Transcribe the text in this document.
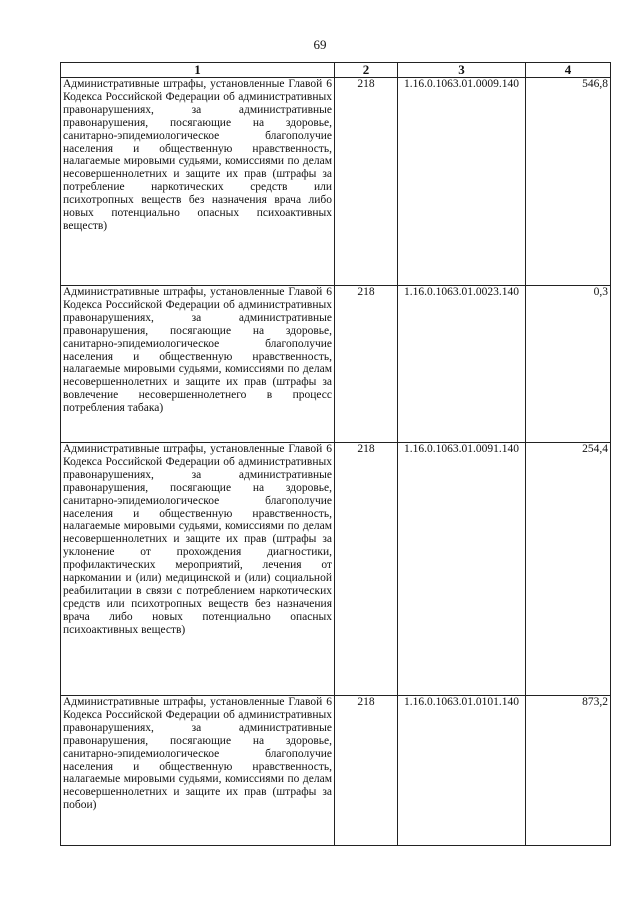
69
1	2	3	4
Административные штрафы, установленные Главой 6 Кодекса Российской Федерации об административных правонарушениях, за административные правонарушения, посягающие на здоровье, санитарно-эпидемиологическое благополучие населения и общественную нравственность, налагаемые мировыми судьями, комиссиями по делам несовершеннолетних и защите их прав (штрафы за потребление наркотических средств или психотропных веществ без назначения врача либо новых потенциально опасных психоактивных веществ)	218	1.16.0.1063.01.0009.140	546,8
Административные штрафы, установленные Главой 6 Кодекса Российской Федерации об административных правонарушениях, за административные правонарушения, посягающие на здоровье, санитарно-эпидемиологическое благополучие населения и общественную нравственность, налагаемые мировыми судьями, комиссиями по делам несовершеннолетних и защите их прав (штрафы за вовлечение несовершеннолетнего в процесс потребления табака)	218	1.16.0.1063.01.0023.140	0,3
Административные штрафы, установленные Главой 6 Кодекса Российской Федерации об административных правонарушениях, за административные правонарушения, посягающие на здоровье, санитарно-эпидемиологическое благополучие населения и общественную нравственность, налагаемые мировыми судьями, комиссиями по делам несовершеннолетних и защите их прав (штрафы за уклонение от прохождения диагностики, профилактических мероприятий, лечения от наркомании и (или) медицинской и (или) социальной реабилитации в связи с потреблением наркотических средств или психотропных веществ без назначения врача либо новых потенциально опасных психоактивных веществ)	218	1.16.0.1063.01.0091.140	254,4
Административные штрафы, установленные Главой 6 Кодекса Российской Федерации об административных правонарушениях, за административные правонарушения, посягающие на здоровье, санитарно-эпидемиологическое благополучие населения и общественную нравственность, налагаемые мировыми судьями, комиссиями по делам несовершеннолетних и защите их прав (штрафы за побои)	218	1.16.0.1063.01.0101.140	873,2
